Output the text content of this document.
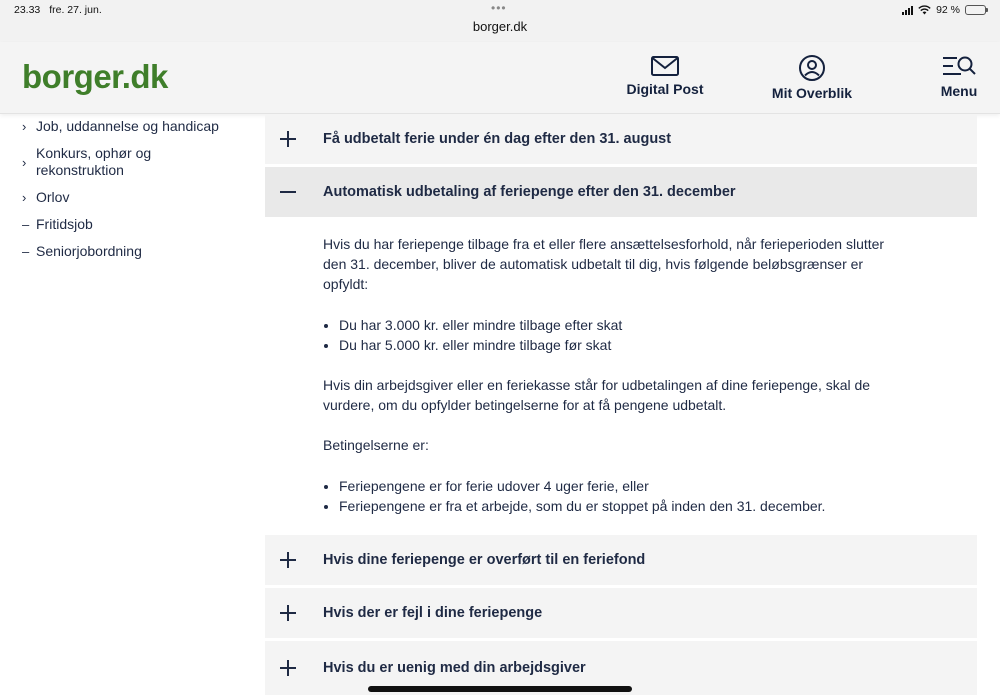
23.33 fre. 27. jun.	•••
borger.dk
92 %
borger.dk	Digital Post	Mit Overblik	Menu
› Job, uddannelse og handicap
›
Konkurs, ophør og rekonstruktion
› Orlov
– Fritidsjob
– Seniorjobordning
Få udbetalt ferie under én dag efter den 31. august
Automatisk udbetaling af feriepenge efter den 31. december

Hvis du har feriepenge tilbage fra et eller flere ansættelsesforhold, når ferieperioden slutter den 31. december, bliver de automatisk udbetalt til dig, hvis følgende beløbsgrænser er opfyldt:

• Du har 3.000 kr. eller mindre tilbage efter skat
• Du har 5.000 kr. eller mindre tilbage før skat

Hvis din arbejdsgiver eller en feriekasse står for udbetalingen af dine feriepenge, skal de vurdere, om du opfylder betingelserne for at få pengene udbetalt.

Betingelserne er:

• Feriepengene er for ferie udover 4 uger ferie, eller
• Feriepengene er fra et arbejde, som du er stoppet på inden den 31. december.
Hvis dine feriepenge er overført til en feriefond
Hvis der er fejl i dine feriepenge
Hvis du er uenig med din arbejdsgiver
